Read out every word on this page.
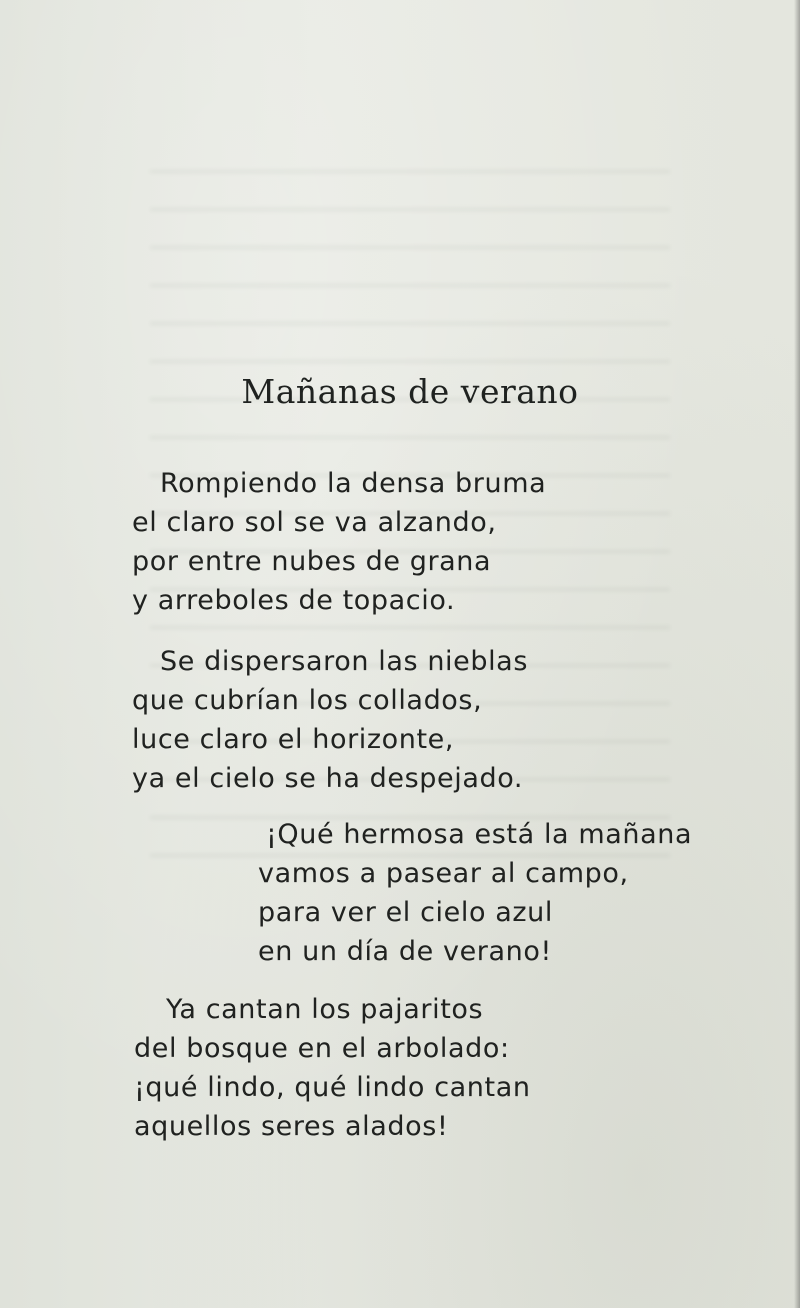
Mañanas de verano
Rompiendo la densa bruma
el claro sol se va alzando,
por entre nubes de grana
y arreboles de topacio.
Se dispersaron las nieblas
que cubrían los collados,
luce claro el horizonte,
ya el cielo se ha despejado.
¡Qué hermosa está la mañana
vamos a pasear al campo,
para ver el cielo azul
en un día de verano!
Ya cantan los pajaritos
del bosque en el arbolado:
¡qué lindo, qué lindo cantan
aquellos seres alados!
